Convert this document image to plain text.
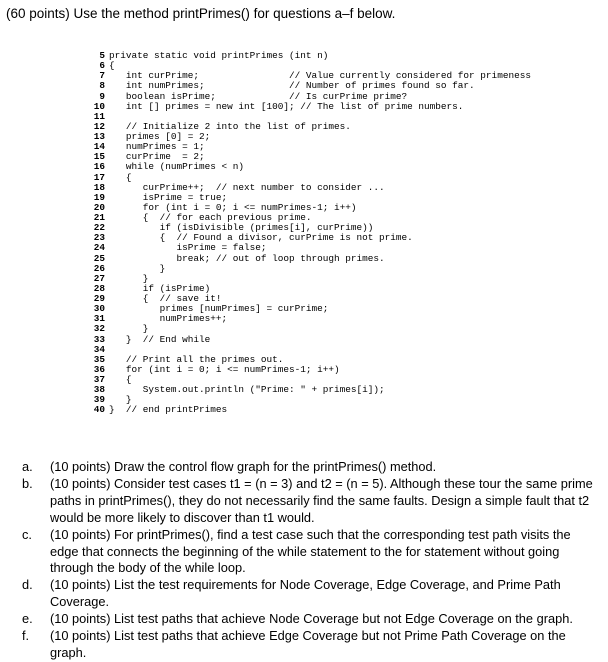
(60 points) Use the method printPrimes() for questions a–f below.
5 private static void printPrimes (int n)
6 {
7 int curPrime;                // Value currently considered for primeness
8 int numPrimes;               // Number of primes found so far.
9 boolean isPrime;             // Is curPrime prime?
10 int [] primes = new int [100]; // The list of prime numbers.
11
12 // Initialize 2 into the list of primes.
13 primes [0] = 2;
14 numPrimes = 1;
15 curPrime  = 2;
16 while (numPrimes < n)
17 {
18 curPrime++;  // next number to consider ...
19 isPrime = true;
20 for (int i = 0; i <= numPrimes-1; i++)
21 {  // for each previous prime.
22 if (isDivisible (primes[i], curPrime))
23 {  // Found a divisor, curPrime is not prime.
24 isPrime = false;
25 break; // out of loop through primes.
26 }
27 }
28 if (isPrime)
29 {  // save it!
30 primes [numPrimes] = curPrime;
31 numPrimes++;
32 }
33 }  // End while
34
35 // Print all the primes out.
36 for (int i = 0; i <= numPrimes-1; i++)
37 {
38 System.out.println ("Prime: " + primes[i]);
39 }
40 }  // end printPrimes
a.	(10 points) Draw the control flow graph for the printPrimes() method.
b.	(10 points) Consider test cases t1 = (n = 3) and t2 = (n = 5). Although these tour the same prime paths in printPrimes(), they do not necessarily find the same faults. Design a simple fault that t2 would be more likely to discover than t1 would.
c.	(10 points) For printPrimes(), find a test case such that the corresponding test path visits the edge that connects the beginning of the while statement to the for statement without going through the body of the while loop.
d.	(10 points) List the test requirements for Node Coverage, Edge Coverage, and Prime Path Coverage.
e.	(10 points) List test paths that achieve Node Coverage but not Edge Coverage on the graph.
f.	(10 points) List test paths that achieve Edge Coverage but not Prime Path Coverage on the graph.
